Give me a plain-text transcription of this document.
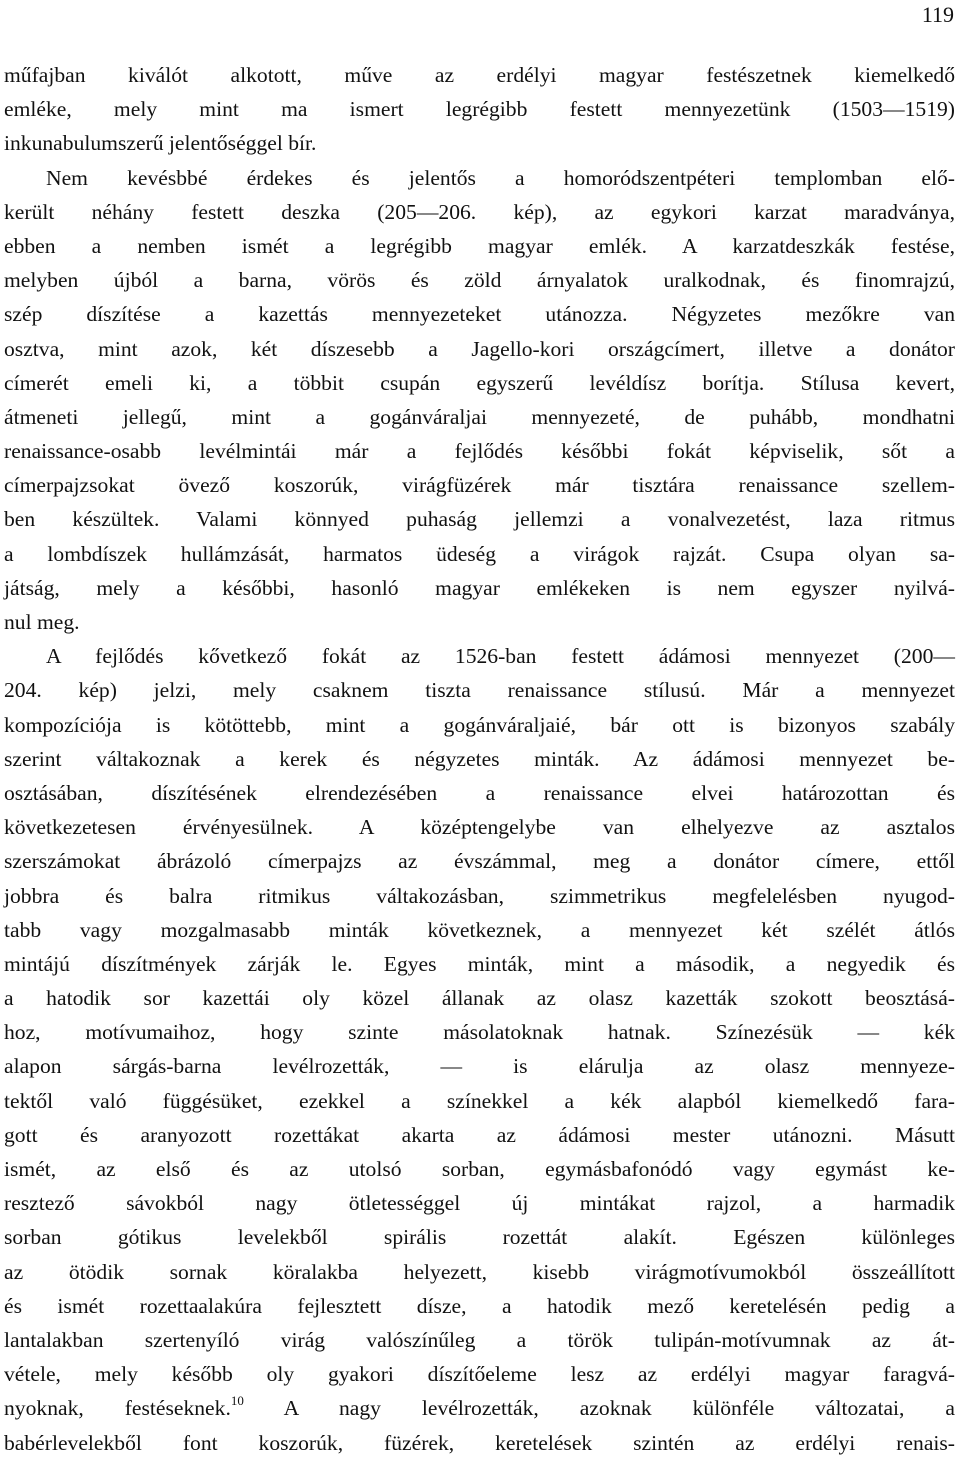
119
műfajban kiválót alkotott, műve az erdélyi magyar festészetnek kiemelkedő
emléke, mely mint ma ismert legrégibb festett mennyezetünk (1503—1519)
inkunabulumszerű jelentőséggel bír.
Nem kevésbbé érdekes és jelentős a homoródszentpéteri templomban elő-
került néhány festett deszka (205—206. kép), az egykori karzat maradványa,
ebben a nemben ismét a legrégibb magyar emlék. A karzatdeszkák festése,
melyben újból a barna, vörös és zöld árnyalatok uralkodnak, és finomrajzú,
szép díszítése a kazettás mennyezeteket utánozza. Négyzetes mezőkre van
osztva, mint azok, két díszesebb a Jagello-kori országcímert, illetve a donátor
címerét emeli ki, a többit csupán egyszerű levéldísz borítja. Stílusa kevert,
átmeneti jellegű, mint a gogánváraljai mennyezeté, de puhább, mondhatni
renaissance-osabb levélmintái már a fejlődés későbbi fokát képviselik, sőt a
címerpajzsokat övező koszorúk, virágfüzérek már tisztára renaissance szellem-
ben készültek. Valami könnyed puhaság jellemzi a vonalvezetést, laza ritmus
a lombdíszek hullámzását, harmatos üdeség a virágok rajzát. Csupa olyan sa-
játság, mely a későbbi, hasonló magyar emlékeken is nem egyszer nyilvá-
nul meg.
A fejlődés kővetkező fokát az 1526-ban festett ádámosi mennyezet (200—
204. kép) jelzi, mely csaknem tiszta renaissance stílusú. Már a mennyezet
kompozíciója is kötöttebb, mint a gogánváraljaié, bár ott is bizonyos szabály
szerint váltakoznak a kerek és négyzetes minták. Az ádámosi mennyezet be-
osztásában, díszítésének elrendezésében a renaissance elvei határozottan és
következetesen érvényesülnek. A középtengelybe van elhelyezve az asztalos
szerszámokat ábrázoló címerpajzs az évszámmal, meg a donátor címere, ettől
jobbra és balra ritmikus váltakozásban, szimmetrikus megfelelésben nyugod-
tabb vagy mozgalmasabb minták következnek, a mennyezet két szélét átlós
mintájú díszítmények zárják le. Egyes minták, mint a második, a negyedik és
a hatodik sor kazettái oly közel állanak az olasz kazetták szokott beosztásá-
hoz, motívumaihoz, hogy szinte másolatoknak hatnak. Színezésük — kék
alapon sárgás-barna levélrozetták, — is elárulja az olasz mennyeze-
tektől való függésüket, ezekkel a színekkel a kék alapból kiemelkedő fara-
gott és aranyozott rozettákat akarta az ádámosi mester utánozni. Másutt
ismét, az első és az utolsó sorban, egymásbafonódó vagy egymást ke-
resztező sávokból nagy ötletességgel új mintákat rajzol, a harmadik
sorban gótikus levelekből spirális rozettát alakít. Egészen különleges
az ötödik sornak köralakba helyezett, kisebb virágmotívumokból összeállított
és ismét rozettaalakúra fejlesztett dísze, a hatodik mező keretelésén pedig a
lantalakban szertenyíló virág valószínűleg a török tulipán-motívumnak az át-
vétele, mely később oly gyakori díszítőeleme lesz az erdélyi magyar faragvá-
nyoknak, festéseknek.$^{10}$ A nagy levélrozetták, azoknak különféle változatai, a
babérlevelekből font koszorúk, füzérek, keretelések szintén az erdélyi renais-
